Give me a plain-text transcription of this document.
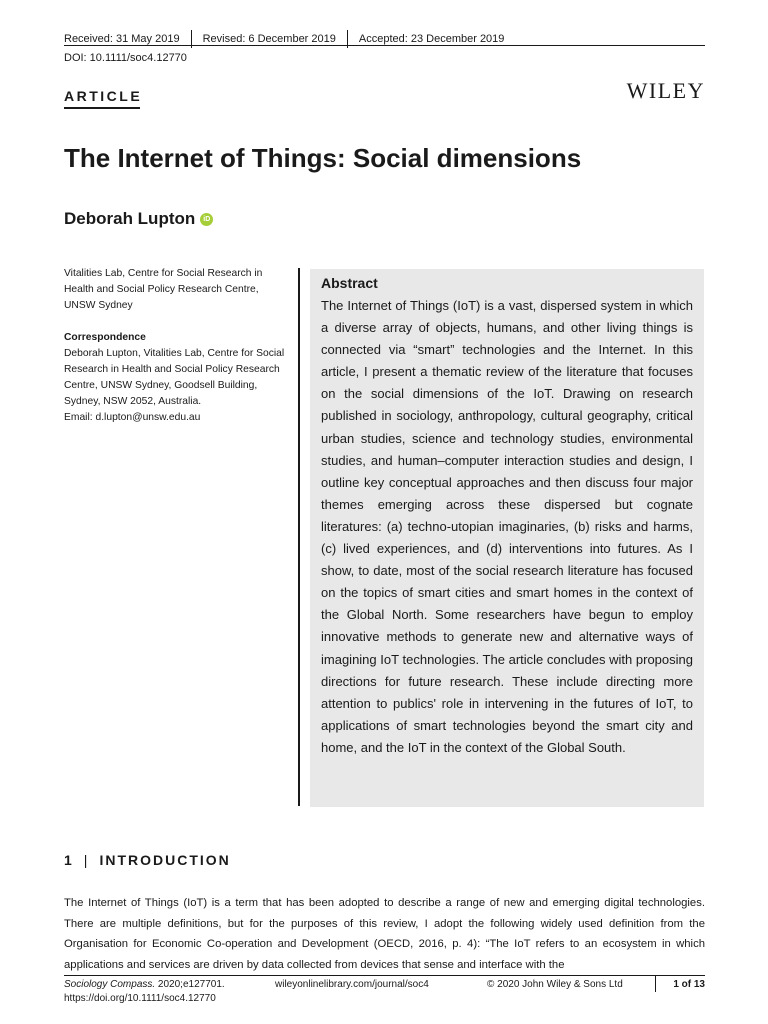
Received: 31 May 2019 Revised: 6 December 2019 Accepted: 23 December 2019
DOI: 10.1111/soc4.12770
ARTICLE	WILEY
The Internet of Things: Social dimensions
Deborah Lupton	iD

Vitalities Lab, Centre for Social Research in Health and Social Policy Research Centre, UNSW Sydney

Correspondence

Deborah Lupton, Vitalities Lab, Centre for Social Research in Health and Social Policy Research Centre, UNSW Sydney, Goodsell Building, Sydney, NSW 2052, Australia.

Email: d.lupton@unsw.edu.au

Abstract

The Internet of Things (IoT) is a vast, dispersed system in which a diverse array of objects, humans, and other living things is connected via “smart” technologies and the Internet. In this article, I present a thematic review of the literature that focuses on the social dimensions of the IoT. Drawing on research published in sociology, anthropology, cultural geography, critical urban studies, science and technology studies, environmental studies, and human–computer interaction studies and design, I outline key conceptual approaches and then discuss four major themes emerging across these dispersed but cognate literatures: (a) techno-utopian imaginaries, (b) risks and harms, (c) lived experiences, and (d) interventions into futures. As I show, to date, most of the social research literature has focused on the topics of smart cities and smart homes in the context of the Global North. Some researchers have begun to employ innovative methods to generate new and alternative ways of imagining IoT technologies. The article concludes with proposing directions for future research. These include directing more attention to publics' role in intervening in the futures of IoT, to applications of smart technologies beyond the smart city and home, and the IoT in the context of the Global South.

1 | INTRODUCTION

The Internet of Things (IoT) is a term that has been adopted to describe a range of new and emerging digital technologies. There are multiple definitions, but for the purposes of this review, I adopt the following widely used definition from the Organisation for Economic Co-operation and Development (OECD, 2016, p. 4): “The IoT refers to an ecosystem in which applications and services are driven by data collected from devices that sense and interface with the

Sociology Compass. 2020;e127701.
https://doi.org/10.1111/soc4.12770
wileyonlinelibrary.com/journal/soc4	© 2020 John Wiley & Sons Ltd	1 of 13
